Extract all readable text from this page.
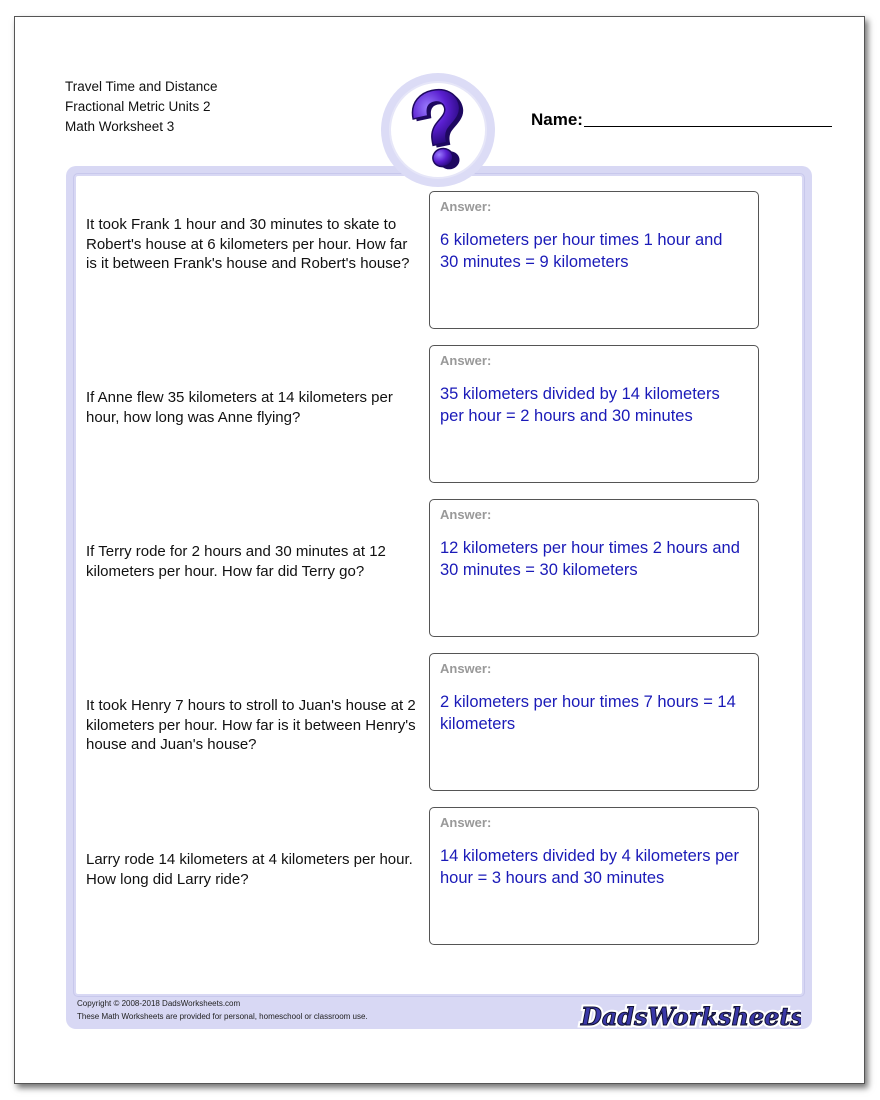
Travel Time and Distance
Fractional Metric Units 2
Math Worksheet 3	Name:
It took Frank 1 hour and 30 minutes to skate to Robert's house at 6 kilometers per hour. How far is it between Frank's house and Robert's house?
Answer:
6 kilometers per hour times 1 hour and 30 minutes = 9 kilometers
If Anne flew 35 kilometers at 14 kilometers per hour, how long was Anne flying?
Answer:
35 kilometers divided by 14 kilometers per hour = 2 hours and 30 minutes
If Terry rode for 2 hours and 30 minutes at 12 kilometers per hour. How far did Terry go?
Answer:
12 kilometers per hour times 2 hours and 30 minutes = 30 kilometers
It took Henry 7 hours to stroll to Juan's house at 2 kilometers per hour. How far is it between Henry's house and Juan's house?
Answer:
2 kilometers per hour times 7 hours = 14 kilometers
Larry rode 14 kilometers at 4 kilometers per hour. How long did Larry ride?
Answer:
14 kilometers divided by 4 kilometers per hour = 3 hours and 30 minutes
Copyright © 2008-2018 DadsWorksheets.com
These Math Worksheets are provided for personal, homeschool or classroom use.	DadsWorksheet
DadsWorksheet
